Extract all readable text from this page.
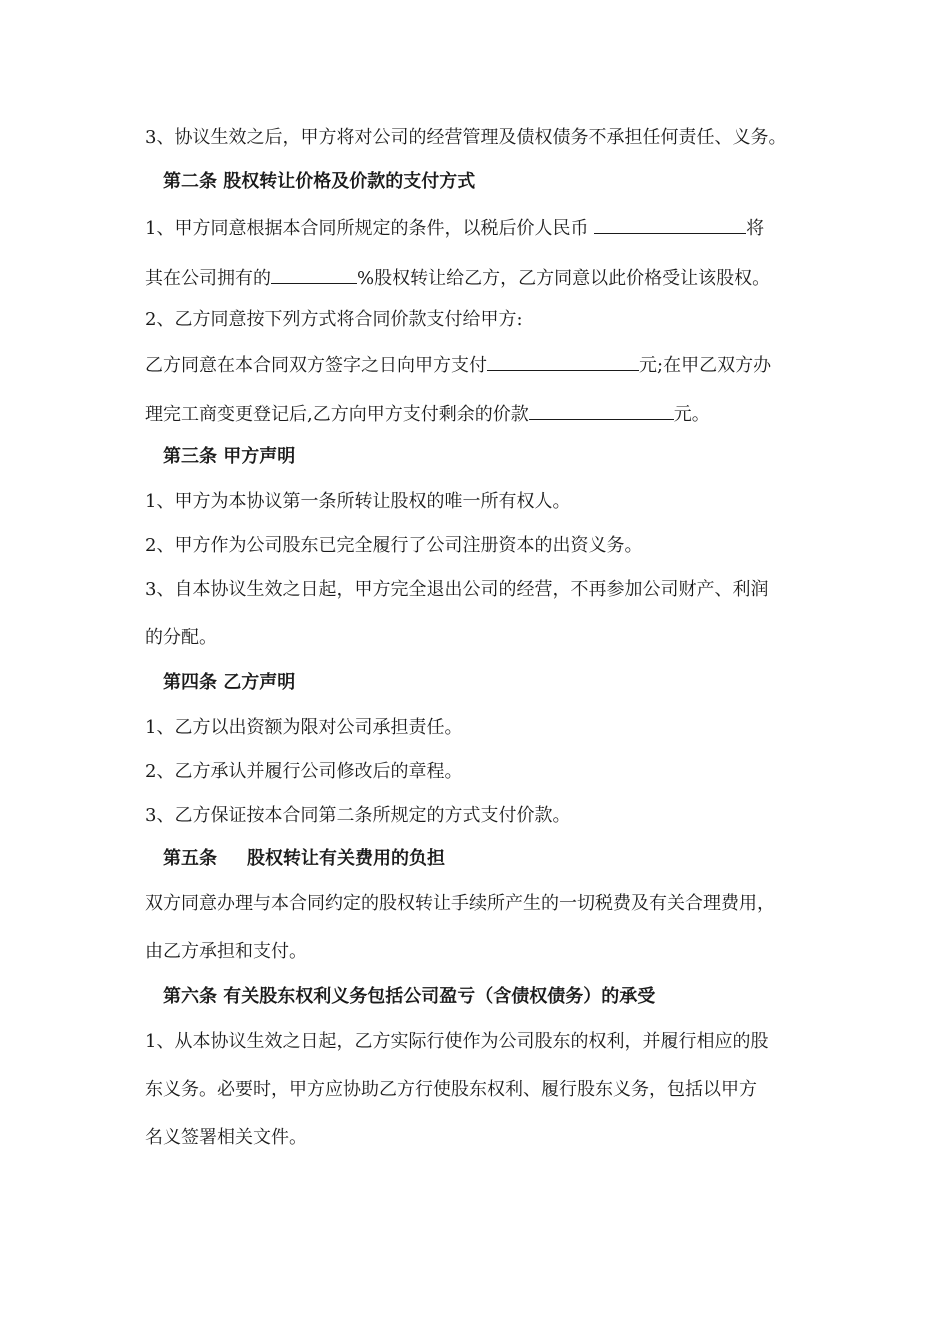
3、协议生效之后，甲方将对公司的经营管理及债权债务不承担任何责任、义务。
第二条 股权转让价格及价款的支付方式
1、甲方同意根据本合同所规定的条件，以税后价人民币	将
其在公司拥有的	%股权转让给乙方，乙方同意以此价格受让该股权。
2、乙方同意按下列方式将合同价款支付给甲方:
乙方同意在本合同双方签字之日向甲方支付	元;在甲乙双方办
理完工商变更登记后,乙方向甲方支付剩余的价款	元。
第三条 甲方声明
1、甲方为本协议第一条所转让股权的唯一所有权人。
2、甲方作为公司股东已完全履行了公司注册资本的出资义务。
3、自本协议生效之日起，甲方完全退出公司的经营，不再参加公司财产、利润
的分配。
第四条 乙方声明
1、乙方以出资额为限对公司承担责任。
2、乙方承认并履行公司修改后的章程。
3、乙方保证按本合同第二条所规定的方式支付价款。
第五条 股权转让有关费用的负担
双方同意办理与本合同约定的股权转让手续所产生的一切税费及有关合理费用，
由乙方承担和支付。
第六条 有关股东权利义务包括公司盈亏（含债权债务）的承受
1、从本协议生效之日起，乙方实际行使作为公司股东的权利，并履行相应的股
东义务。必要时，甲方应协助乙方行使股东权利、履行股东义务，包括以甲方
名义签署相关文件。
